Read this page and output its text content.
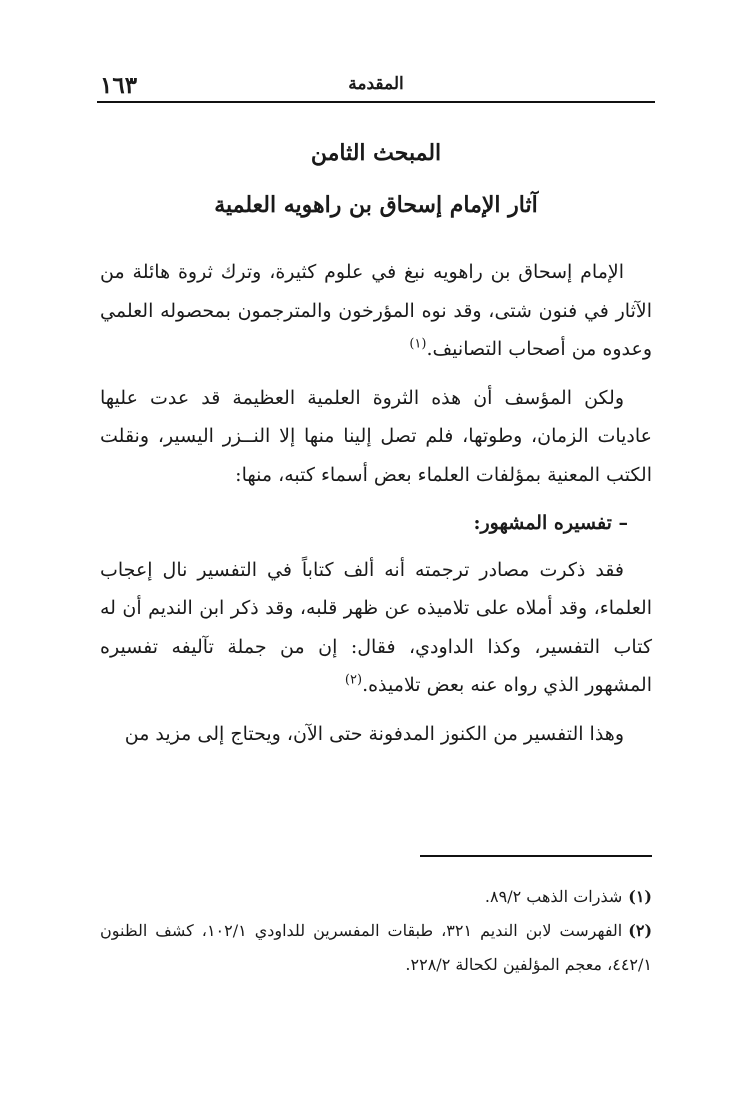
المقدمة
١٦٣
المبحث الثامن
آثار الإمام إسحاق بن راهويه العلمية

الإمام إسحاق بن راهويه نبغ في علوم كثيرة، وترك ثروة هائلة من الآثار في فنون شتى، وقد نوه المؤرخون والمترجمون بمحصوله العلمي وعدوه من أصحاب التصانيف.$^{(١)}$

ولكن المؤسف أن هذه الثروة العلمية العظيمة قد عدت عليها عاديات الزمان، وطوتها، فلم تصل إلينا منها إلا النــزر اليسير، ونقلت الكتب المعنية بمؤلفات العلماء بعض أسماء كتبه، منها:

– تفسيره المشهور:

فقد ذكرت مصادر ترجمته أنه ألف كتاباً في التفسير نال إعجاب العلماء، وقد أملاه على تلاميذه عن ظهر قلبه، وقد ذكر ابن النديم أن له كتاب التفسير، وكذا الداودي، فقال: إن من جملة تآليفه تفسيره المشهور الذي رواه عنه بعض تلاميذه.$^{(٢)}$

وهذا التفسير من الكنوز المدفونة حتى الآن، ويحتاج إلى مزيد من

(١)شذرات الذهب ٨٩/٢.

(٢)الفهرست لابن النديم ٣٢١، طبقات المفسرين للداودي ١٠٢/١، كشف الظنون ٤٤٢/١، معجم المؤلفين لكحالة ٢٢٨/٢.
